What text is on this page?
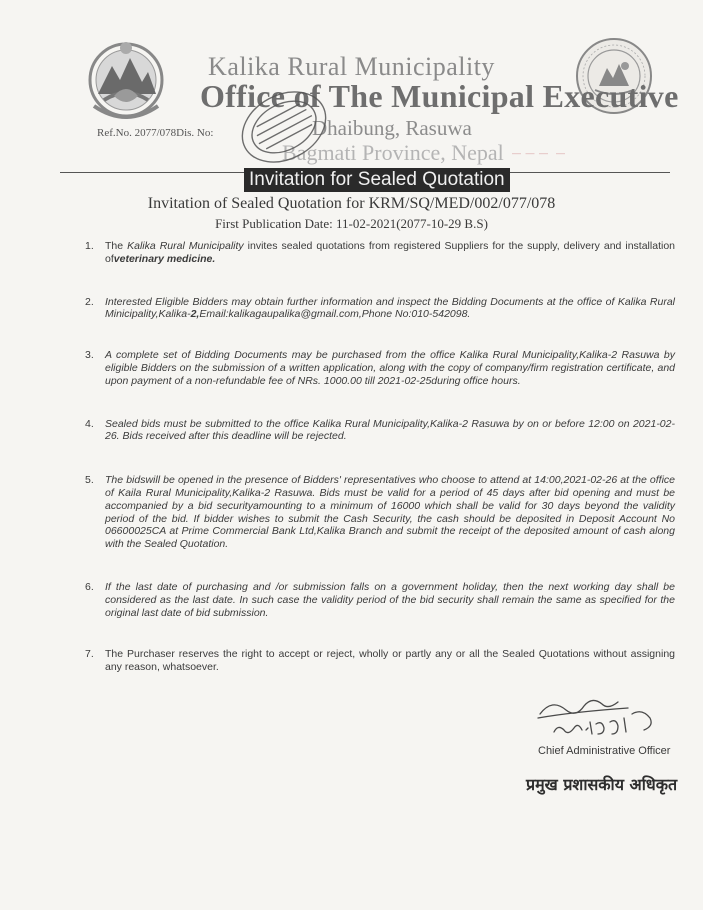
Kalika Rural Municipality
Office of The Municipal Executive
Dhaibung, Rasuwa
Bagmati Province, Nepal
Ref.No. 2077/078Dis. No:
— — —  —
Invitation for Sealed Quotation
Invitation of Sealed Quotation for KRM/SQ/MED/002/077/078
First Publication Date: 11-02-2021(2077-10-29 B.S)
1. The Kalika Rural Municipality invites sealed quotations from registered Suppliers for the supply, delivery and installation ofveterinary medicine.
2. Interested Eligible Bidders may obtain further information and inspect the Bidding Documents at the office of Kalika Rural Minicipality,Kalika-2,Email:kalikagaupalika@gmail.com,Phone No:010-542098.
3. A complete set of Bidding Documents may be purchased from the office Kalika Rural Municipality,Kalika-2 Rasuwa by eligible Bidders on the submission of a written application, along with the copy of company/firm registration certificate, and upon payment of a non-refundable fee of NRs. 1000.00 till 2021-02-25during office hours.
4. Sealed bids must be submitted to the office Kalika Rural Municipality,Kalika-2 Rasuwa by on or before 12:00 on 2021-02-26. Bids received after this deadline will be rejected.
5. The bidswill be opened in the presence of Bidders' representatives who choose to attend at 14:00,2021-02-26 at the office of Kaila Rural Municipality,Kalika-2 Rasuwa. Bids must be valid for a period of 45 days after bid opening and must be accompanied by a bid securityamounting to a minimum of 16000 which shall be valid for 30 days beyond the validity period of the bid. If bidder wishes to submit the Cash Security, the cash should be deposited in Deposit Account No 06600025CA at Prime Commercial Bank Ltd,Kalika Branch and submit the receipt of the deposited amount of cash along with the Sealed Quotation.
6. If the last date of purchasing and /or submission falls on a government holiday, then the next working day shall be considered as the last date. In such case the validity period of the bid security shall remain the same as specified for the original last date of bid submission.
7. The Purchaser reserves the right to accept or reject, wholly or partly any or all the Sealed Quotations without assigning any reason, whatsoever.
Chief Administrative Officer
प्रमुख प्रशासकीय अधिकृत
